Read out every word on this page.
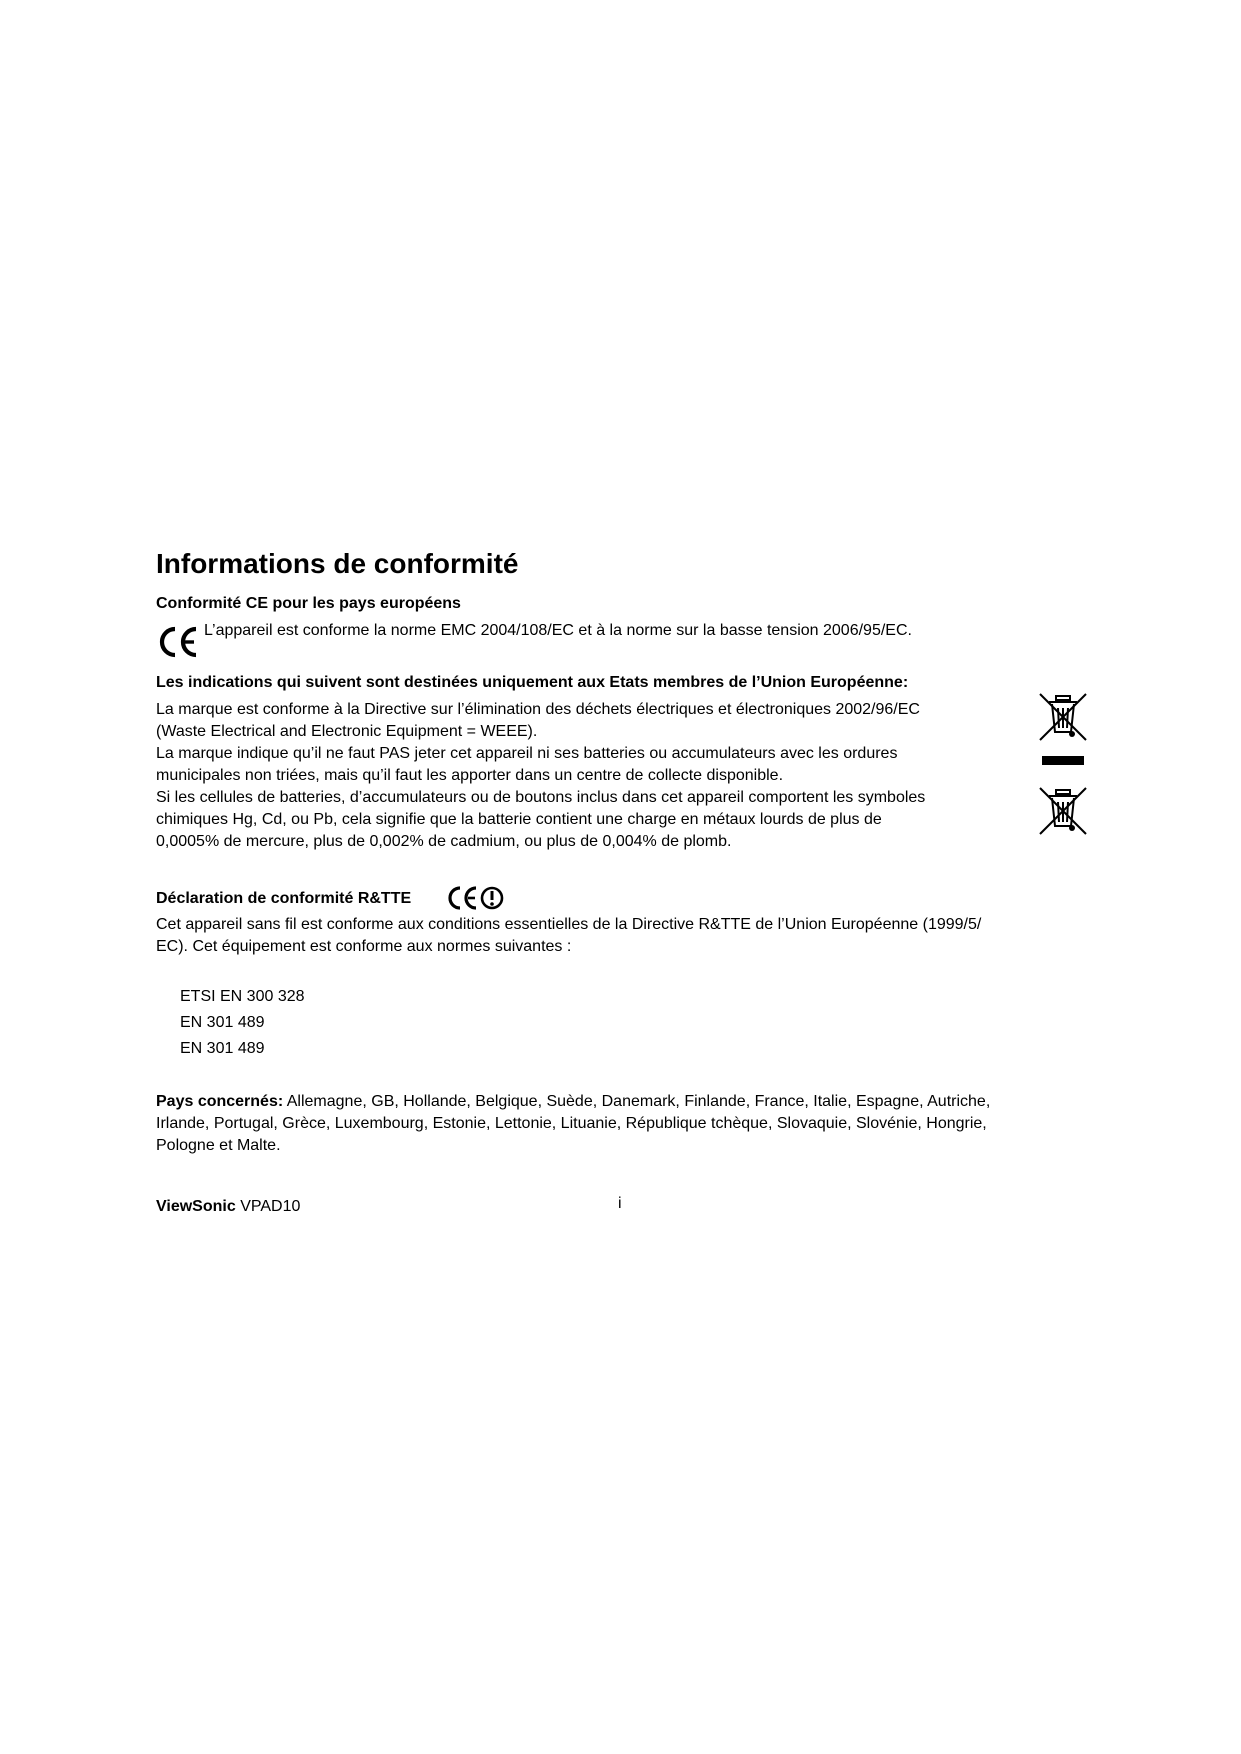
Informations de conformité

Conformité CE pour les pays européens

L’appareil est conforme la norme EMC 2004/108/EC et à la norme sur la basse tension 2006/95/EC.

Les indications qui suivent sont destinées uniquement aux Etats membres de l’Union Européenne:

La marque est conforme à la Directive sur l’élimination des déchets électriques et électroniques 2002/96/EC

(Waste Electrical and Electronic Equipment = WEEE).

La marque indique qu’il ne faut PAS jeter cet appareil ni ses batteries ou accumulateurs avec les ordures

municipales non triées, mais qu’il faut les apporter dans un centre de collecte disponible.

Si les cellules de batteries, d’accumulateurs ou de boutons inclus dans cet appareil comportent les symboles

chimiques Hg, Cd, ou Pb, cela signifie que la batterie contient une charge en métaux lourds de plus de

0,0005% de mercure, plus de 0,002% de cadmium, ou plus de 0,004% de plomb.

Déclaration de conformité R&TTE

Cet appareil sans fil est conforme aux conditions essentielles de la Directive R&TTE de l’Union Européenne (1999/5/

EC). Cet équipement est conforme aux normes suivantes :

ETSI EN 300 328

EN 301 489

EN 301 489

Pays concernés: Allemagne, GB, Hollande, Belgique, Suède, Danemark, Finlande, France, Italie, Espagne, Autriche,

Irlande, Portugal, Grèce, Luxembourg, Estonie, Lettonie, Lituanie, République tchèque, Slovaquie, Slovénie, Hongrie,

Pologne et Malte.

ViewSonic VPAD10	i
